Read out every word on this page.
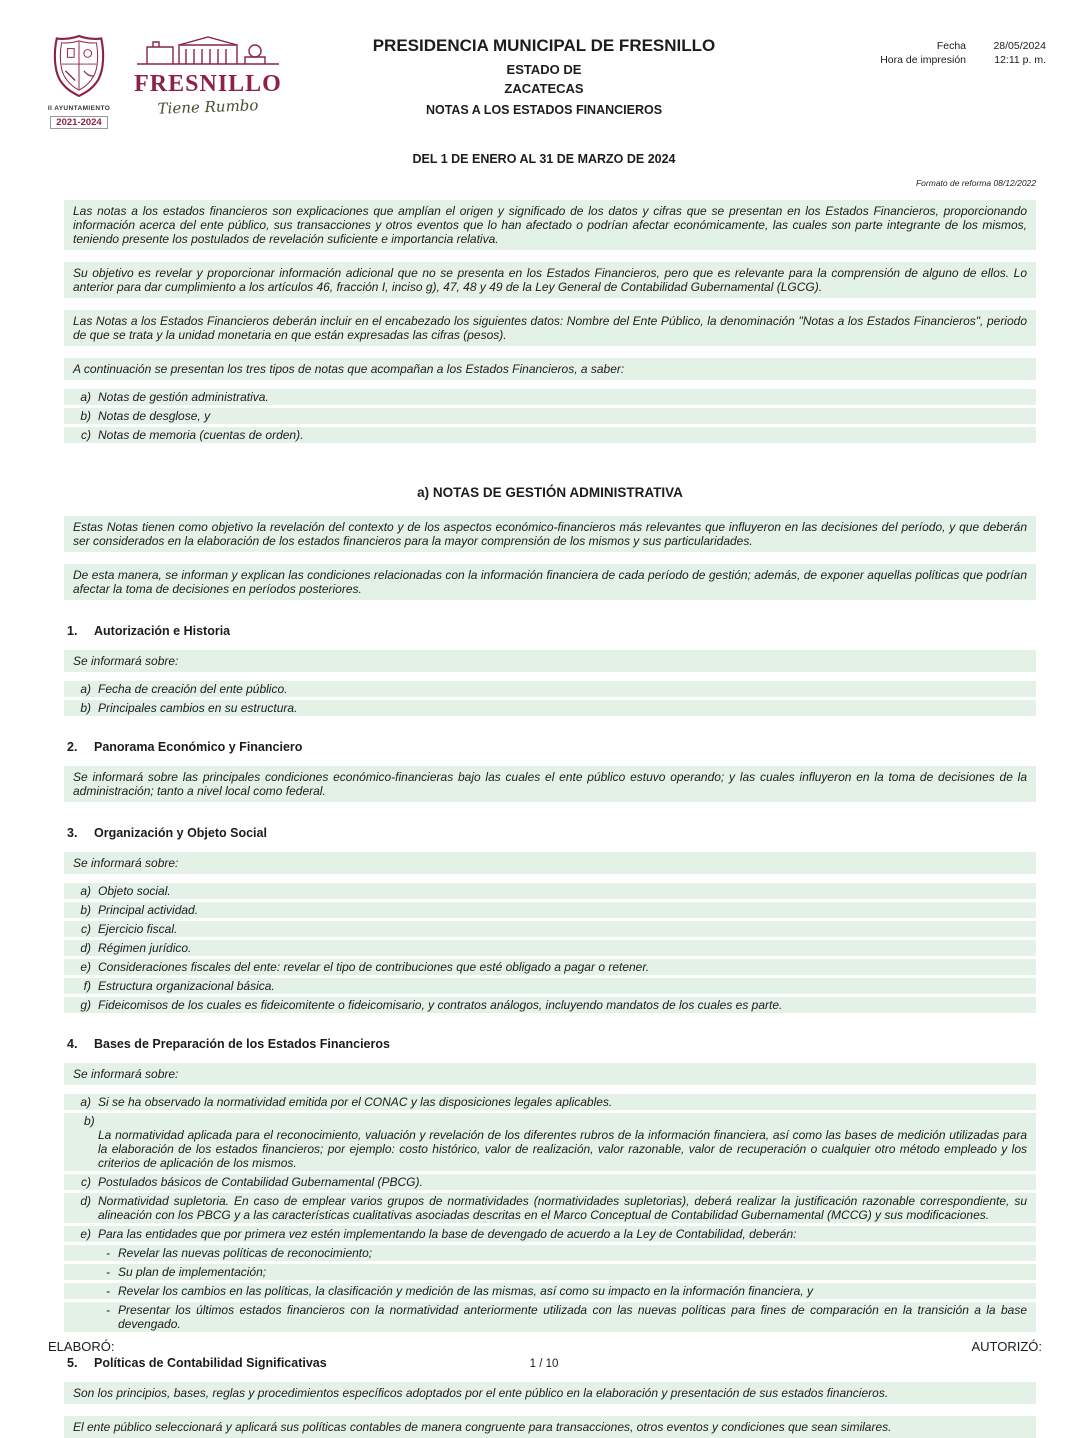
II AYUNTAMIENTO
2021-2024
FRESNILLO
Tiene Rumbo
PRESIDENCIA MUNICIPAL DE FRESNILLO
ESTADO DE
ZACATECAS
NOTAS A LOS ESTADOS FINANCIEROS
Fecha	28/05/2024
Hora de impresión	12:11 p. m.
DEL 1 DE ENERO AL 31 DE MARZO DE 2024
Formato de reforma 08/12/2022

Las notas a los estados financieros son explicaciones que amplían el origen y significado de los datos y cifras que se presentan en los Estados Financieros, proporcionando información acerca del ente público, sus transacciones y otros eventos que lo han afectado o podrían afectar económicamente, las cuales son parte integrante de los mismos, teniendo presente los postulados de revelación suficiente e importancia relativa.

Su objetivo es revelar y proporcionar información adicional que no se presenta en los Estados Financieros, pero que es relevante para la comprensión de alguno de ellos. Lo anterior para dar cumplimiento a los artículos 46, fracción I, inciso g), 47, 48 y 49 de la Ley General de Contabilidad Gubernamental (LGCG).

Las Notas a los Estados Financieros deberán incluir en el encabezado los siguientes datos: Nombre del Ente Público, la denominación "Notas a los Estados Financieros", periodo de que se trata y la unidad monetaria en que están expresadas las cifras (pesos).

A continuación se presentan los tres tipos de notas que acompañan a los Estados Financieros, a saber:

a) Notas de gestión administrativa.
b) Notas de desglose, y
c) Notas de memoria (cuentas de orden).
a) NOTAS DE GESTIÓN ADMINISTRATIVA

Estas Notas tienen como objetivo la revelación del contexto y de los aspectos económico-financieros más relevantes que influyeron en las decisiones del período, y que deberán ser considerados en la elaboración de los estados financieros para la mayor comprensión de los mismos y sus particularidades.

De esta manera, se informan y explican las condiciones relacionadas con la información financiera de cada período de gestión; además, de exponer aquellas políticas que podrían afectar la toma de decisiones en períodos posteriores.

1.	Autorización e Historia

Se informará sobre:

a) Fecha de creación del ente público.
b) Principales cambios en su estructura.
2.	Panorama Económico y Financiero

Se informará sobre las principales condiciones económico-financieras bajo las cuales el ente público estuvo operando; y las cuales influyeron en la toma de decisiones de la administración; tanto a nivel local como federal.

3.	Organización y Objeto Social

Se informará sobre:

a) Objeto social.
b) Principal actividad.
c) Ejercicio fiscal.
d) Régimen jurídico.
e) Consideraciones fiscales del ente: revelar el tipo de contribuciones que esté obligado a pagar o retener.
f) Estructura organizacional básica.
g) Fideicomisos de los cuales es fideicomitente o fideicomisario, y contratos análogos, incluyendo mandatos de los cuales es parte.
4.	Bases de Preparación de los Estados Financieros

Se informará sobre:

a) Si se ha observado la normatividad emitida por el CONAC y las disposiciones legales aplicables.
b)
La normatividad aplicada para el reconocimiento, valuación y revelación de los diferentes rubros de la información financiera, así como las bases de medición utilizadas para la elaboración de los estados financieros; por ejemplo: costo histórico, valor de realización, valor razonable, valor de recuperación o cualquier otro método empleado y los criterios de aplicación de los mismos.
c) Postulados básicos de Contabilidad Gubernamental (PBCG).
d) Normatividad supletoria. En caso de emplear varios grupos de normatividades (normatividades supletorias), deberá realizar la justificación razonable correspondiente, su alineación con los PBCG y a las características cualitativas asociadas descritas en el Marco Conceptual de Contabilidad Gubernamental (MCCG) y sus modificaciones.
e) Para las entidades que por primera vez estén implementando la base de devengado de acuerdo a la Ley de Contabilidad, deberán:
- Revelar las nuevas políticas de reconocimiento;
- Su plan de implementación;
- Revelar los cambios en las políticas, la clasificación y medición de las mismas, así como su impacto en la información financiera, y
- Presentar los últimos estados financieros con la normatividad anteriormente utilizada con las nuevas políticas para fines de comparación en la transición a la base devengado.
5.	Políticas de Contabilidad Significativas

Son los principios, bases, reglas y procedimientos específicos adoptados por el ente público en la elaboración y presentación de sus estados financieros.

El ente público seleccionará y aplicará sus políticas contables de manera congruente para transacciones, otros eventos y condiciones que sean similares.

ELABORÓ:	AUTORIZÓ:
1 / 10
